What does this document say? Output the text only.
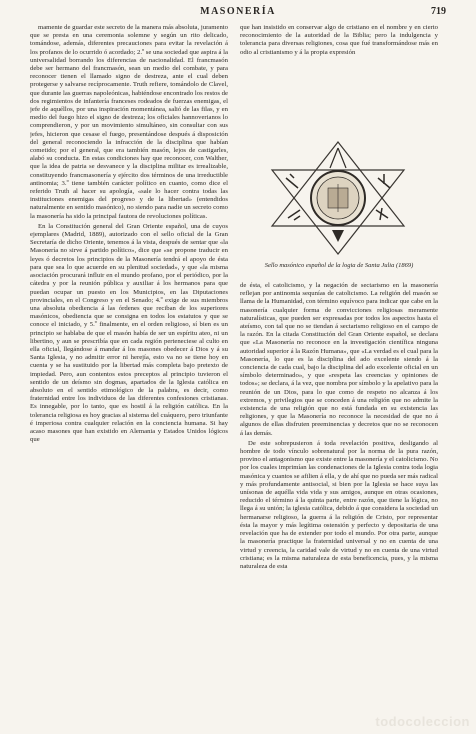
MASONERÍA	719

mamente de guardar este secreto de la manera más absoluta, juramento que se presta en una ceremonia solemne y según un rito delicado, tomándose, además, diferentes precauciones para evitar la revelación á los profanos de lo ocurrido ó acordado; 2.º se una sociedad que aspira á la universalidad borrando los diferencias de nacionalidad. El francmasón debe ser hermano del francmasón, sean un medio del combate, y para reconocer tienen el llamado signo de destreza, ante el cual deben protegerse y salvarse recíprocamente. Truth refiere, tomándolo de Clavel, que durante las guerras napoleónicas, habiéndose encontrado los restos de dos regimientos de infantería franceses rodeados de fuerzas enemigas, el jefe de aquéllos, por una inspiración momentánea, salió de las filas, y en medio del fuego hizo el signo de destreza; los oficiales hannoverianos lo comprendieron, y por un movimiento simultáneo, sin consultar con sus jefes, hicieron que cesase el fuego, presentándose después á disposición del general reconociendo la infracción de la disciplina que habían cometido; por el general, que era también masón, lejos de castigarles, alabó su conducta. En estas condiciones hay que reconocer, con Walther, que la idea de patria se desvanece y la disciplina militar es irrealizable, constituyendo francmasonería y ejército dos términos de una irreductible antinomia; 3.º tiene también carácter político en cuanto, como dice el referido Truth al hacer su apología, «sale lo hacer contra todas las instituciones enemigas del progreso y de la libertad» (entendidos naturalmente en sentido masónico), no siendo para nadie un secreto como la masonería ha sido la principal fautora de revoluciones políticas.

En la Constitución general del Gran Oriente español, una de cuyos ejemplares (Madrid, 1889), autorizado con el sello oficial de la Gran Secretaría de dicho Oriente, tenemos á la vista, después de sentar que «la Masonería no sirve á partido político», dice que «se propone traducir en leyes ó decretos los principios de la Masonería tendrá el apoyo de ésta para que sea lo que acuerde en su plenitud sociedad», y que «la misma asociación procurará influir en el mundo profano, por el periódico, por la cátedra y por la reunión pública y auxiliar á los hermanos para que puedan ocupar un puesto en los Municipios, en las Diputaciones provinciales, en el Congreso y en el Senado; 4.º exige de sus miembros una absoluta obediencia á las órdenes que reciban de los superiores masónicos, obediencia que se consigna en todos los estatutos y que se conoce el iniciado, y 5.º finalmente, en el orden religioso, sí bien es un principio se hablaba de que el masón había de ser un espíritu ateo, ni un libertino, y aun se prescribía que en cada región perteneciese al culto en ella oficial, llegándose á mandar á los masones obedecer á Dios y á su Santa Iglesia, y no admitir error ni herejía, esto va no se tiene hoy en cuenta y se ha sustituido por la libertad más completa bajo pretexto de impiedad. Pero, aun contentos estos preceptos al principio tuvieron el sentido de un deísmo sin dogmas, apartados de la Iglesia católica en absoluto en el sentido etimológico de la palabra, es decir, como fraternidad entre los individuos de las diferentes confesiones cristianas. Es innegable, por lo tanto, que es hostil á la religión católica. En la tolerancia religiosa es hoy gracias al sistema del cuáquero, pero triunfante é imperiosa contra cualquier relación en la conciencia humana. Si hay acaso masones que han existido en Alemania y Estados Unidos lógicos que

que han insistido en conservar algo de cristiano en el nombre y en cierto reconocimiento de la autoridad de la Biblia; pero la indulgencia y tolerancia para diversas religiones, cosa que fué transformándose más en odio al cristianismo y á la propia expresión

Sello masónico español de la logia de Santa Julia (1869)

de ésta, el catolicismo, y la negación de sectarismo en la masonería reflejan por antinomia sequnías de catolicismo. La religión del masón se llama de la Humanidad, con término equívoco para indicar que cabe en la masonería cualquier forma de convicciones religiosas meramente naturalísticas, que pueden ser expresadas por todos los aspectos hasta el ateísmo, con tal que no se tiendan á sectarismo religioso en el campo de la razón. En la citada Constitución del Gran Oriente español, se declara que «La Masonería no reconoce en la investigación científica ninguna autoridad superior á la Razón Humana», que «La verdad es el cual para la Masonería, lo que es la disciplina del ado excelente siendo á la conciencia de cada cual, bajo la disciplina del ado excelente oficial en un símbolo determinado», y que «respeta las creencias y opiniones de todos»; se declara, á la vez, que nombra por símbolo y la apelativo para la reunión de un Dios, para lo que como de respeto no alcanza á los extremos, y privilegios que se conceden á una religión que no admite la existencia de una religión que no está fundada en su existencia las religiones, y que la Masonería no reconoce la necesidad de que no á algunos de ellas disfruten preeminencias y decretos que no se reconocen á las demás.

De este sobrepusieron á toda revelación positiva, desligando al hombre de todo vínculo sobrenatural por la norma de la pura razón, provino el antagonismo que existe entre la masonería y el catolicismo. No por los cuales imprimían las condenaciones de la Iglesia contra toda logia masónica y cuantos se afilien á ella, y de ahí que no pueda ser más radical y más profundamente antisocial, si bien por la Iglesia se hace suya las unísonas de aquélla vida vida y sus amigos, aunque en otras ocasiones, reducido el término á la quinta parte, entre razón, que tiene la lógica, no llega á su unión; la iglesia católica, debido á que considera la sociedad un hermanarse religioso, la guerra á la religión de Cristo, por representar ésta la mayor y más legítima ostensión y perfecto y depositaria de una revelación que ha de extender por todo el mundo. Por otra parte, aunque la masonería practique la fraternidad universal y no en cuenta de una virtud y creencia, la caridad vale de virtud y no en cuenta de una virtud cristiana; es la misma naturaleza de esta beneficencia, pues, y la misma naturaleza de esta

todocoleccion
